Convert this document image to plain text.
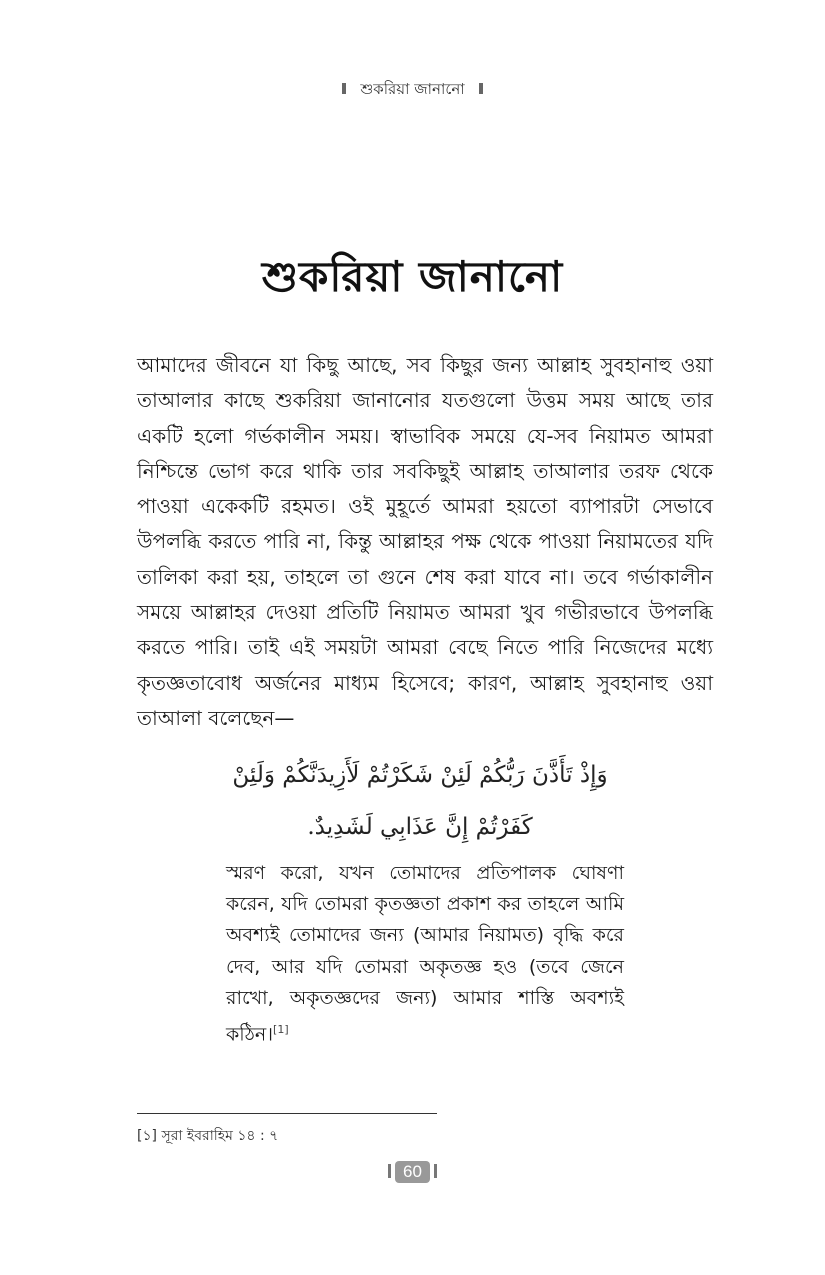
শুকরিয়া জানানো
শুকরিয়া জানানো
আমাদের জীবনে যা কিছু আছে, সব কিছুর জন্য আল্লাহ সুবহানাহু ওয়া তাআলার কাছে শুকরিয়া জানানোর যতগুলো উত্তম সময় আছে তার একটি হলো গর্ভকালীন সময়। স্বাভাবিক সময়ে যে-সব নিয়ামত আমরা নিশ্চিন্তে ভোগ করে থাকি তার সবকিছুই আল্লাহ তাআলার তরফ থেকে পাওয়া একেকটি রহমত। ওই মুহূর্তে আমরা হয়তো ব্যাপারটা সেভাবে উপলব্ধি করতে পারি না, কিন্তু আল্লাহর পক্ষ থেকে পাওয়া নিয়ামতের যদি তালিকা করা হয়, তাহলে তা গুনে শেষ করা যাবে না। তবে গর্ভাকালীন সময়ে আল্লাহর দেওয়া প্রতিটি নিয়ামত আমরা খুব গভীরভাবে উপলব্ধি করতে পারি। তাই এই সময়টা আমরা বেছে নিতে পারি নিজেদের মধ্যে কৃতজ্ঞতাবোধ অর্জনের মাধ্যম হিসেবে; কারণ, আল্লাহ সুবহানাহু ওয়া তাআলা বলেছেন—
وَإِذْ تَأَذَّنَ رَبُّكُمْ لَئِنْ شَكَرْتُمْ لَأَزِيدَنَّكُمْ وَلَئِنْ
كَفَرْتُمْ إِنَّ عَذَابِي لَشَدِيدٌ.
স্মরণ করো, যখন তোমাদের প্রতিপালক ঘোষণা করেন, যদি তোমরা কৃতজ্ঞতা প্রকাশ কর তাহলে আমি অবশ্যই তোমাদের জন্য (আমার নিয়ামত) বৃদ্ধি করে দেব, আর যদি তোমরা অকৃতজ্ঞ হও (তবে জেনে রাখো, অকৃতজ্ঞদের জন্য) আমার শাস্তি অবশ্যই কঠিন।[1]
[১] সূরা ইবরাহিম ১৪ : ৭
60
